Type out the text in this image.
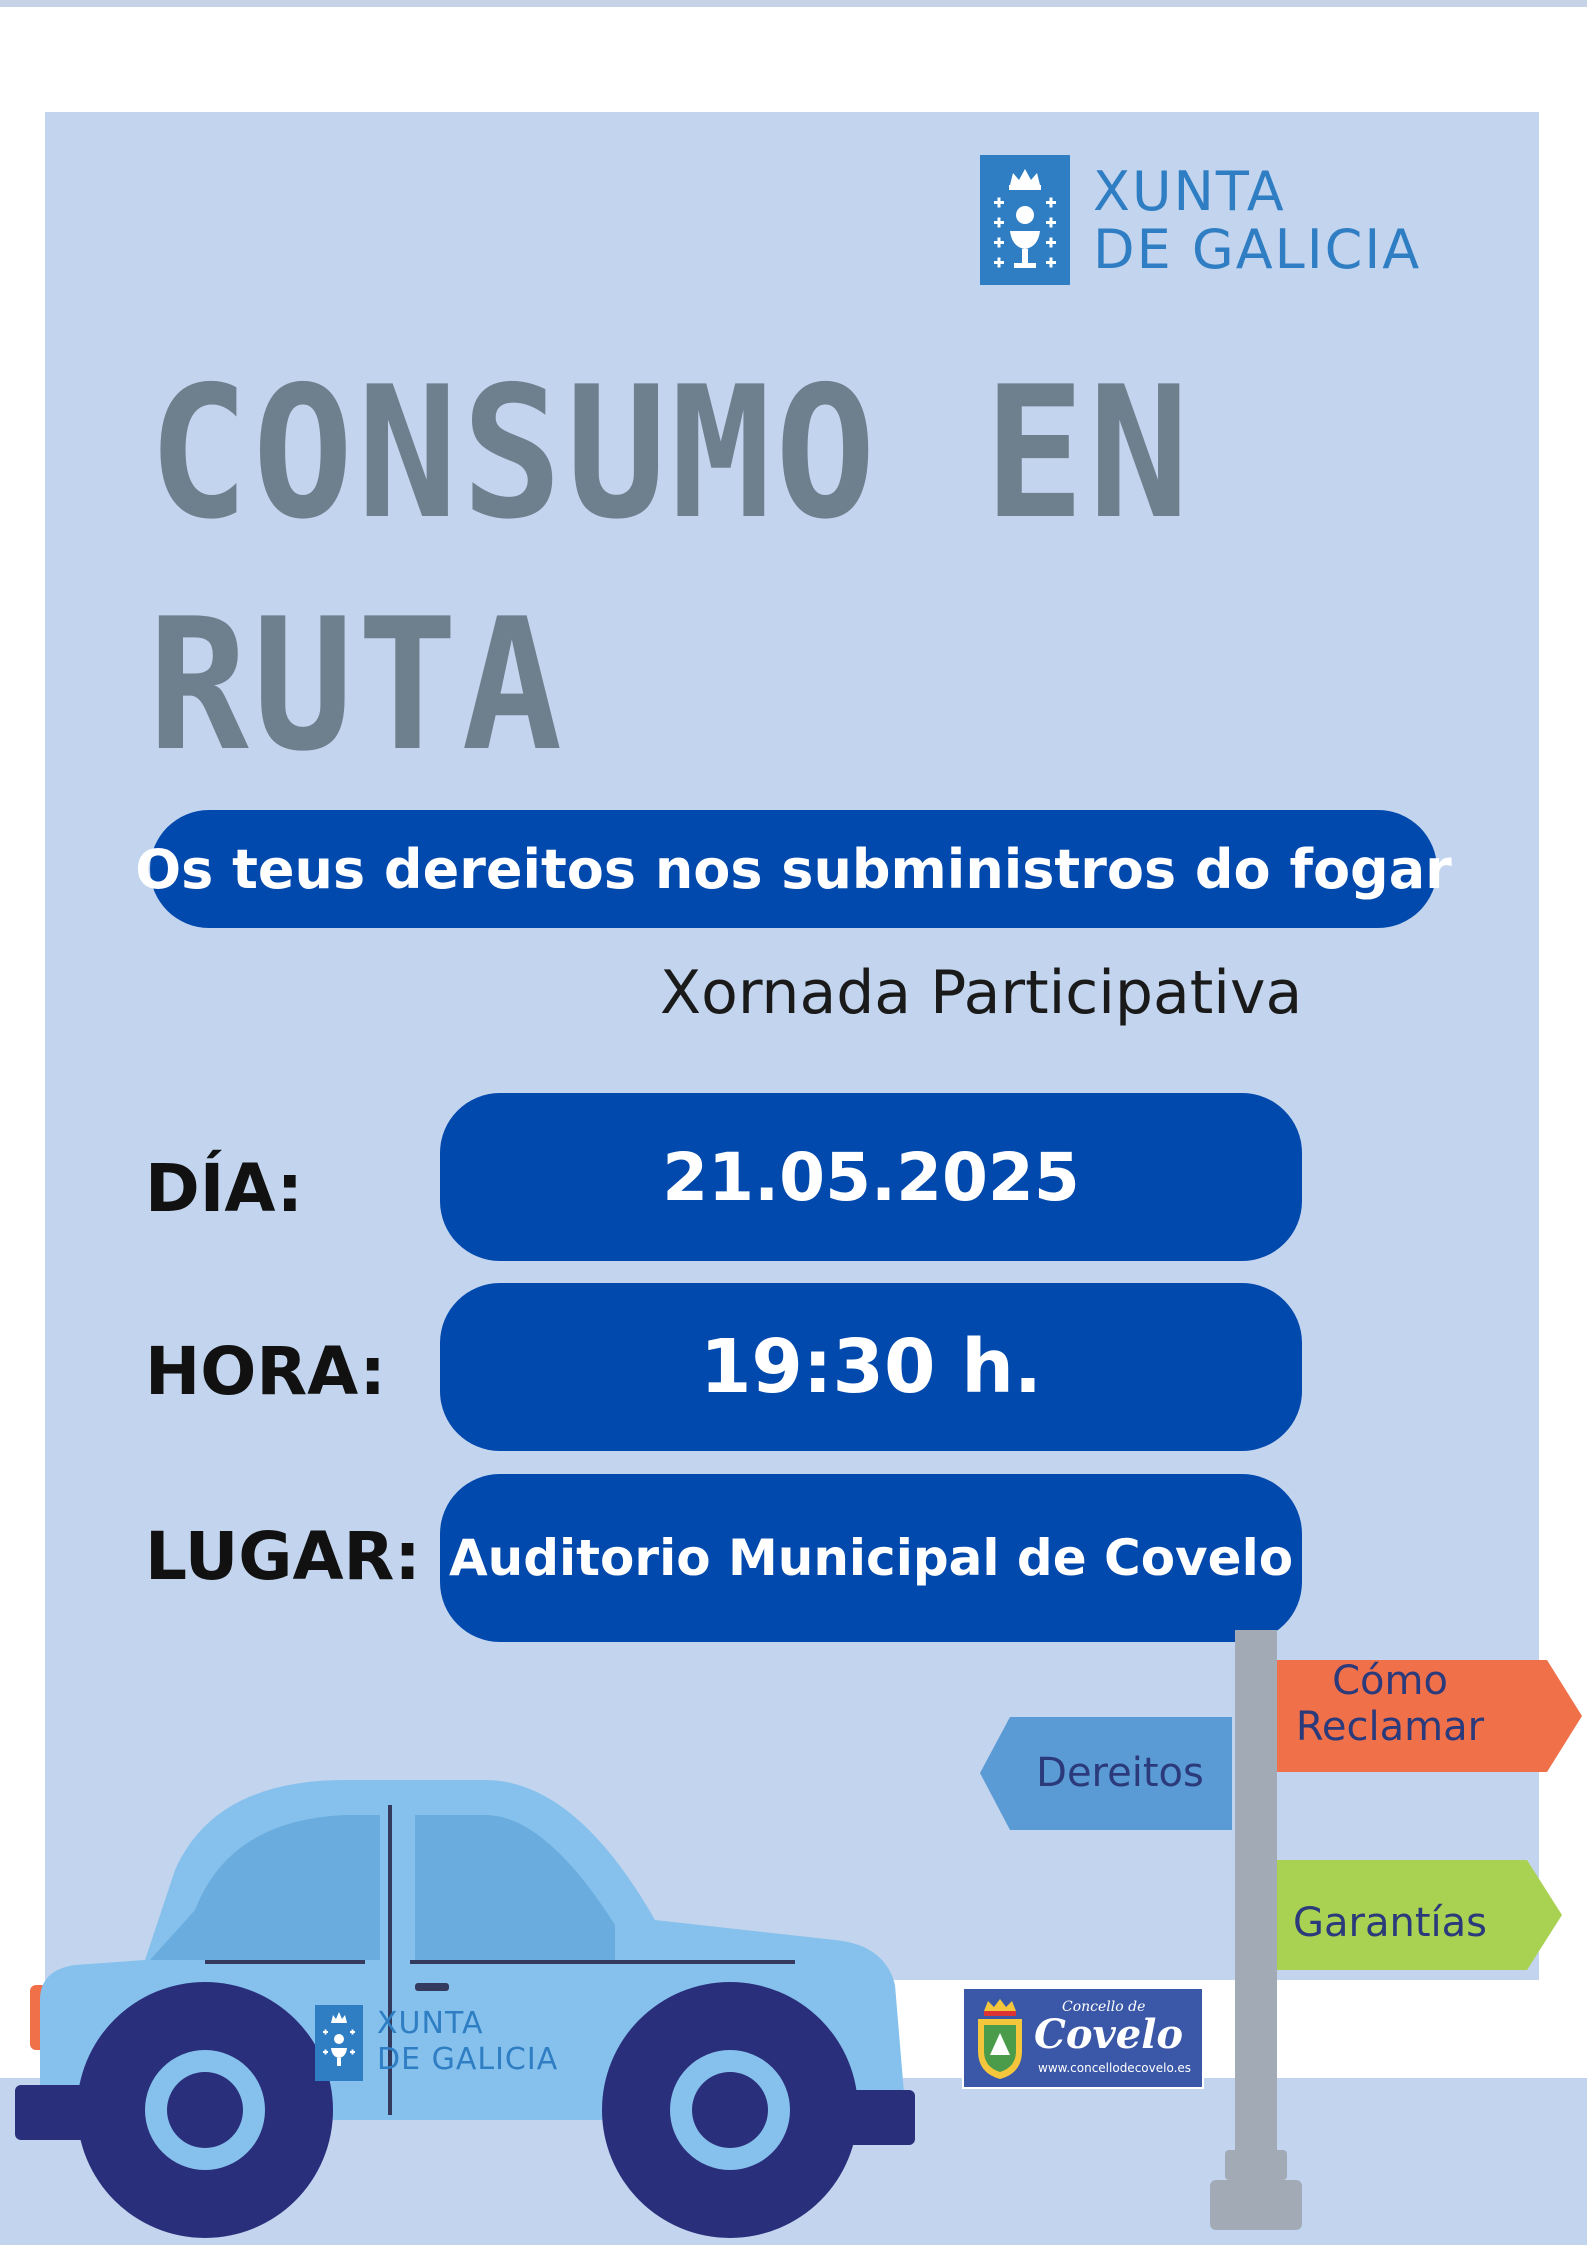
XUNTA
DE GALICIA
CONSUMO EN
RUTA
Os teus dereitos nos subministros do fogar
Xornada Participativa
DÍA:	21.05.2025
HORA:	19:30 h.
LUGAR: Auditorio Municipal de Covelo
Dereitos
Cómo
Reclamar
Garantías
XUNTA
DE GALICIA
Concello de
Covelo
www.concellodecovelo.es
